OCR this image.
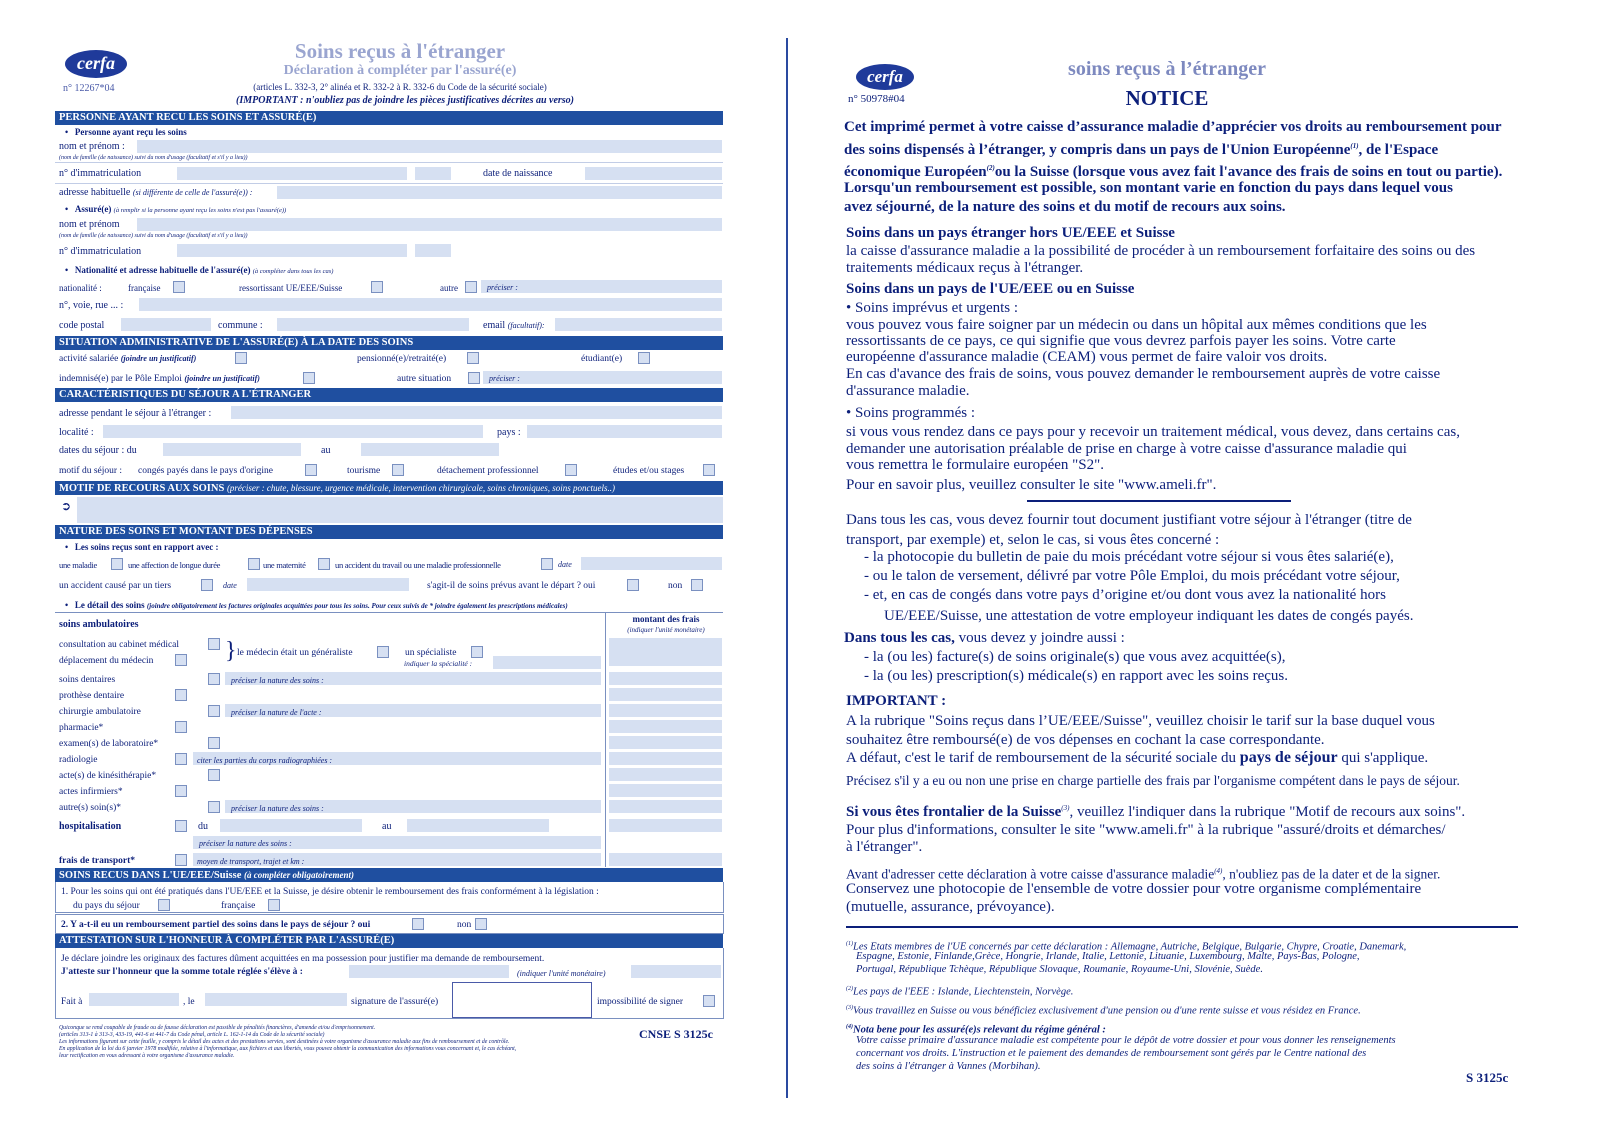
cerfa
n° 12267*04
Soins reçus à l'étranger
Déclaration à compléter par l'assuré(e)
(articles L. 332-3, 2° alinéa et R. 332-2 à R. 332-6 du Code de la sécurité sociale)
(IMPORTANT : n'oubliez pas de joindre les pièces justificatives décrites au verso)
PERSONNE AYANT RECU LES SOINS ET ASSURÉ(E)
•   Personne ayant reçu les soins
nom et prénom :
(nom de famille (de naissance) suivi du nom d'usage (facultatif et s'il y a lieu))
n° d'immatriculation	date de naissance
adresse habituelle (si différente de celle de l'assuré(e)) :
•   Assuré(e) (à remplir si la personne ayant reçu les soins n'est pas l'assuré(e))
nom et prénom
(nom de famille (de naissance) suivi du nom d'usage (facultatif et s'il y a lieu))
n° d'immatriculation
•   Nationalité et adresse habituelle de l'assuré(e) (à compléter dans tous les cas)
nationalité :	française	ressortissant UE/EEE/Suisse	autre	préciser :
n°, voie, rue ... :
code postal	commune :	email (facultatif):
SITUATION ADMINISTRATIVE DE L'ASSURÉ(E) À LA DATE DES SOINS
activité salariée (joindre un justificatif)	pensionné(e)/retraité(e)	étudiant(e)
indemnisé(e) par le Pôle Emploi (joindre un justificatif)	autre situation	préciser :
CARACTÉRISTIQUES DU SÉJOUR A L'ÉTRANGER
adresse pendant le séjour à l'étranger :
localité :	pays :
dates du séjour : du	au
motif du séjour : congés payés dans le pays d'origine	tourisme	détachement professionnel	études et/ou stages
MOTIF DE RECOURS AUX SOINS (préciser : chute, blessure, urgence médicale, intervention chirurgicale, soins chroniques, soins ponctuels..)
➲
NATURE DES SOINS ET MONTANT DES DÉPENSES
•   Les soins reçus sont en rapport avec :
une maladie	une affection de longue durée	une maternité	un accident du travail ou une maladie professionnelle	date
un accident causé par un tiers	date	s'agit-il de soins prévus avant le départ ? oui	non
•   Le détail des soins (joindre obligatoirement les factures originales acquittées pour tous les soins. Pour ceux suivis de * joindre également les prescriptions médicales)
soins ambulatoires	montant des frais
(indiquer l'unité monétaire)
consultation au cabinet médical
déplacement du médecin	} le médecin était un généraliste	un spécialiste
indiquer la spécialité :
soins dentaires	préciser la nature des soins :
prothèse dentaire
chirurgie ambulatoire	préciser la nature de l'acte :
pharmacie*
examen(s) de laboratoire*
radiologie	citer les parties du corps radiographiées :
acte(s) de kinésithérapie*
actes infirmiers*
autre(s) soin(s)*	préciser la nature des soins :
hospitalisation	du	au
préciser la nature des soins :
frais de transport*	moyen de transport, trajet et km :
SOINS RECUS DANS L'UE/EEE/Suisse (à compléter obligatoirement)
1. Pour les soins qui ont été pratiqués dans l'UE/EEE et la Suisse, je désire obtenir le remboursement des frais conformément à la législation :
du pays du séjour	française
2. Y a-t-il eu un remboursement partiel des soins dans le pays de séjour ? oui	non
ATTESTATION SUR L'HONNEUR À COMPLÉTER PAR L'ASSURÉ(E)
Je déclare joindre les originaux des factures dûment acquittées en ma possession pour justifier ma demande de remboursement.
J'atteste sur l'honneur que la somme totale réglée s'élève à :	(indiquer l'unité monétaire)
Fait à	, le	signature de l'assuré(e)	impossibilité de signer
Quiconque se rend coupable de fraude ou de fausse déclaration est passible de pénalités financières, d'amende et/ou d'emprisonnement.
(articles 313-1 à 313-3, 433-19, 441-6 et 441-7 du Code pénal, article L. 162-1-14 du Code de la sécurité sociale)
Les informations figurant sur cette feuille, y compris le détail des actes et des prestations servies, sont destinées à votre organisme d'assurance maladie aux fins de remboursement et de contrôle.
En application de la loi du 6 janvier 1978 modifiée, relative à l'informatique, aux fichiers et aux libertés, vous pouvez obtenir la communication des informations vous concernant et, le cas échéant,
leur rectification en vous adressant à votre organisme d'assurance maladie.
CNSE S 3125c
cerfa
n° 50978#04
soins reçus à l’étranger
NOTICE
Cet imprimé permet à votre caisse d’assurance maladie d’apprécier vos droits au remboursement pour
des soins dispensés à l’étranger, y compris dans un pays de l'Union Européenne$^{(1)}$, de l'Espace
économique Européen$^{(2)}$ou la Suisse (lorsque vous avez fait l'avance des frais de soins en tout ou partie).
Lorsqu'un remboursement est possible, son montant varie en fonction du pays dans lequel vous
avez séjourné, de la nature des soins et du motif de recours aux soins.
Soins dans un pays étranger hors UE/EEE et Suisse
la caisse d'assurance maladie a la possibilité de procéder à un remboursement forfaitaire des soins ou des
traitements médicaux reçus à l'étranger.
Soins dans un pays de l'UE/EEE ou en Suisse
• Soins imprévus et urgents :
vous pouvez vous faire soigner par un médecin ou dans un hôpital aux mêmes conditions que les
ressortissants de ce pays, ce qui signifie que vous devrez parfois payer les soins. Votre carte
européenne d'assurance maladie (CEAM) vous permet de faire valoir vos droits.
En cas d'avance des frais de soins, vous pouvez demander le remboursement auprès de votre caisse
d'assurance maladie.
• Soins programmés :
si vous vous rendez dans ce pays pour y recevoir un traitement médical, vous devez, dans certains cas,
demander une autorisation préalable de prise en charge à votre caisse d'assurance maladie qui
vous remettra le formulaire européen "S2".
Pour en savoir plus, veuillez consulter le site "www.ameli.fr".
Dans tous les cas, vous devez fournir tout document justifiant votre séjour à l'étranger (titre de
transport, par exemple) et, selon le cas, si vous êtes concerné :
- la photocopie du bulletin de paie du mois précédant votre séjour si vous êtes salarié(e),
- ou le talon de versement, délivré par votre Pôle Emploi, du mois précédant votre séjour,
- et, en cas de congés dans votre pays d’origine et/ou dont vous avez la nationalité hors
UE/EEE/Suisse, une attestation de votre employeur indiquant les dates de congés payés.
Dans tous les cas, vous devez y joindre aussi :
- la (ou les) facture(s) de soins originale(s) que vous avez acquittée(s),
- la (ou les) prescription(s) médicale(s) en rapport avec les soins reçus.
IMPORTANT :
A la rubrique "Soins reçus dans l’UE/EEE/Suisse", veuillez choisir le tarif sur la base duquel vous
souhaitez être remboursé(e) de vos dépenses en cochant la case correspondante.
A défaut, c'est le tarif de remboursement de la sécurité sociale du pays de séjour qui s'applique.
Précisez s'il y a eu ou non une prise en charge partielle des frais par l'organisme compétent dans le pays de séjour.
Si vous êtes frontalier de la Suisse$^{(3)}$, veuillez l'indiquer dans la rubrique "Motif de recours aux soins".
Pour plus d'informations, consulter le site "www.ameli.fr" à la rubrique "assuré/droits et démarches/
à l'étranger".
Avant d'adresser cette déclaration à votre caisse d'assurance maladie$^{(4)}$, n'oubliez pas de la dater et de la signer.
Conservez une photocopie de l'ensemble de votre dossier pour votre organisme complémentaire
(mutuelle, assurance, prévoyance).
$^{(1)}$Les Etats membres de l'UE concernés par cette déclaration : Allemagne, Autriche, Belgique, Bulgarie, Chypre, Croatie, Danemark,
Espagne, Estonie, Finlande,Grèce, Hongrie, Irlande, Italie, Lettonie, Lituanie, Luxembourg, Malte, Pays-Bas, Pologne,
Portugal, République Tchèque, République Slovaque, Roumanie, Royaume-Uni, Slovénie, Suède.
$^{(2)}$Les pays de l'EEE : Islande, Liechtenstein, Norvège.
$^{(3)}$Vous travaillez en Suisse ou vous bénéficiez exclusivement d'une pension ou d'une rente suisse et vous résidez en France.
$^{(4)}$Nota bene pour les assuré(e)s relevant du régime général :
Votre caisse primaire d'assurance maladie est compétente pour le dépôt de votre dossier et pour vous donner les renseignements
concernant vos droits. L'instruction et le paiement des demandes de remboursement sont gérés par le Centre national des
des soins à l'étranger à Vannes (Morbihan).
S 3125c
